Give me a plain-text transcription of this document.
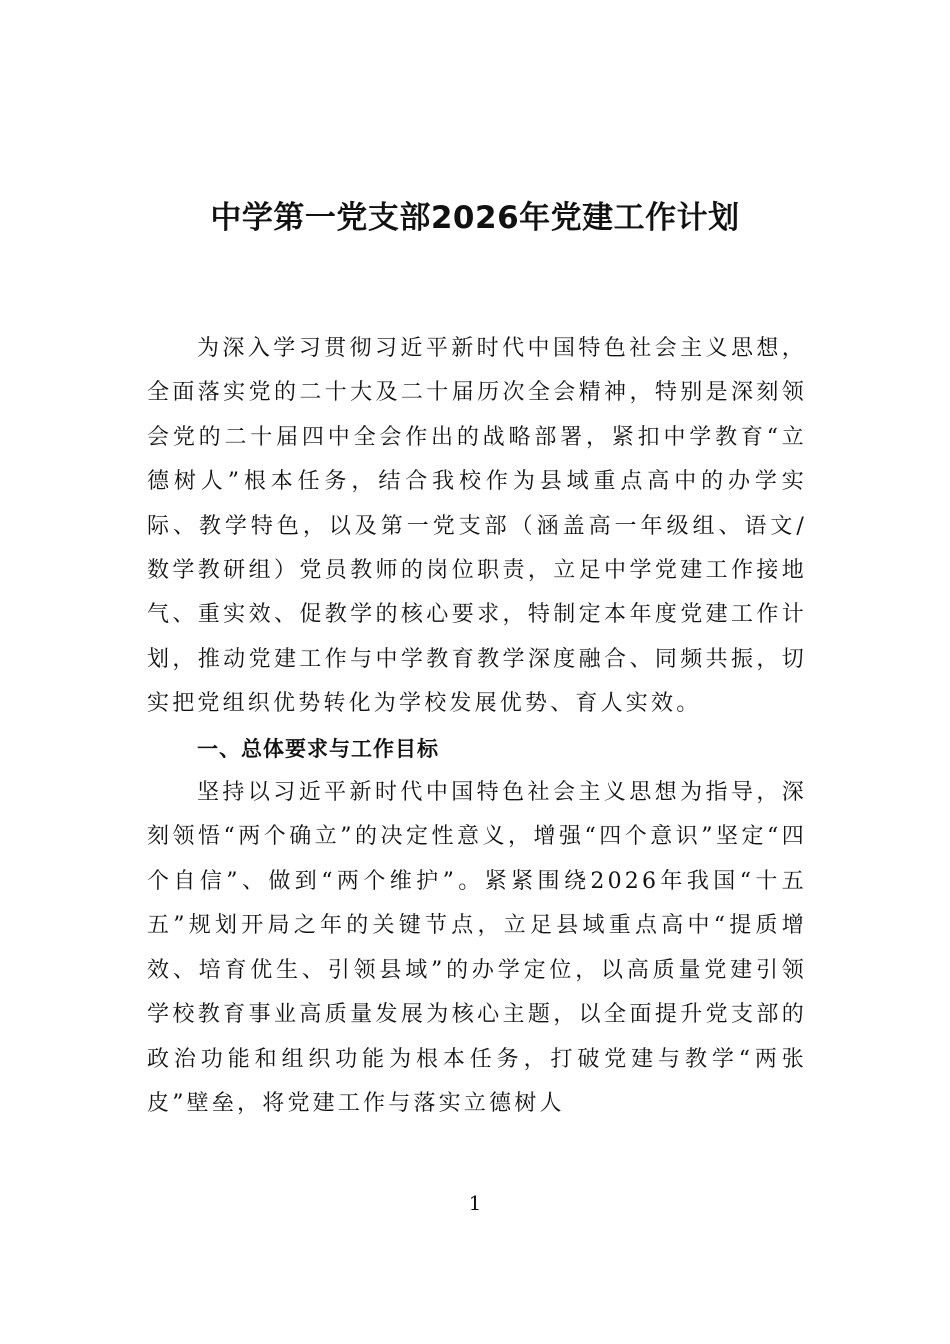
中学第一党支部2026年党建工作计划

为深入学习贯彻习近平新时代中国特色社会主义思想，全面落实党的二十大及二十届历次全会精神，特别是深刻领会党的二十届四中全会作出的战略部署，紧扣中学教育“立德树人”根本任务，结合我校作为县域重点高中的办学实际、教学特色，以及第一党支部（涵盖高一年级组、语文/数学教研组）党员教师的岗位职责，立足中学党建工作接地气、重实效、促教学的核心要求，特制定本年度党建工作计划，推动党建工作与中学教育教学深度融合、同频共振，切实把党组织优势转化为学校发展优势、育人实效。

一、总体要求与工作目标

坚持以习近平新时代中国特色社会主义思想为指导，深刻领悟“两个确立”的决定性意义，增强“四个意识”坚定“四个自信”、做到“两个维护”。紧紧围绕2026年我国“十五五”规划开局之年的关键节点，立足县域重点高中“提质增效、培育优生、引领县域”的办学定位，以高质量党建引领学校教育事业高质量发展为核心主题，以全面提升党支部的政治功能和组织功能为根本任务，打破党建与教学“两张皮”壁垒，将党建工作与落实立德树人

1
